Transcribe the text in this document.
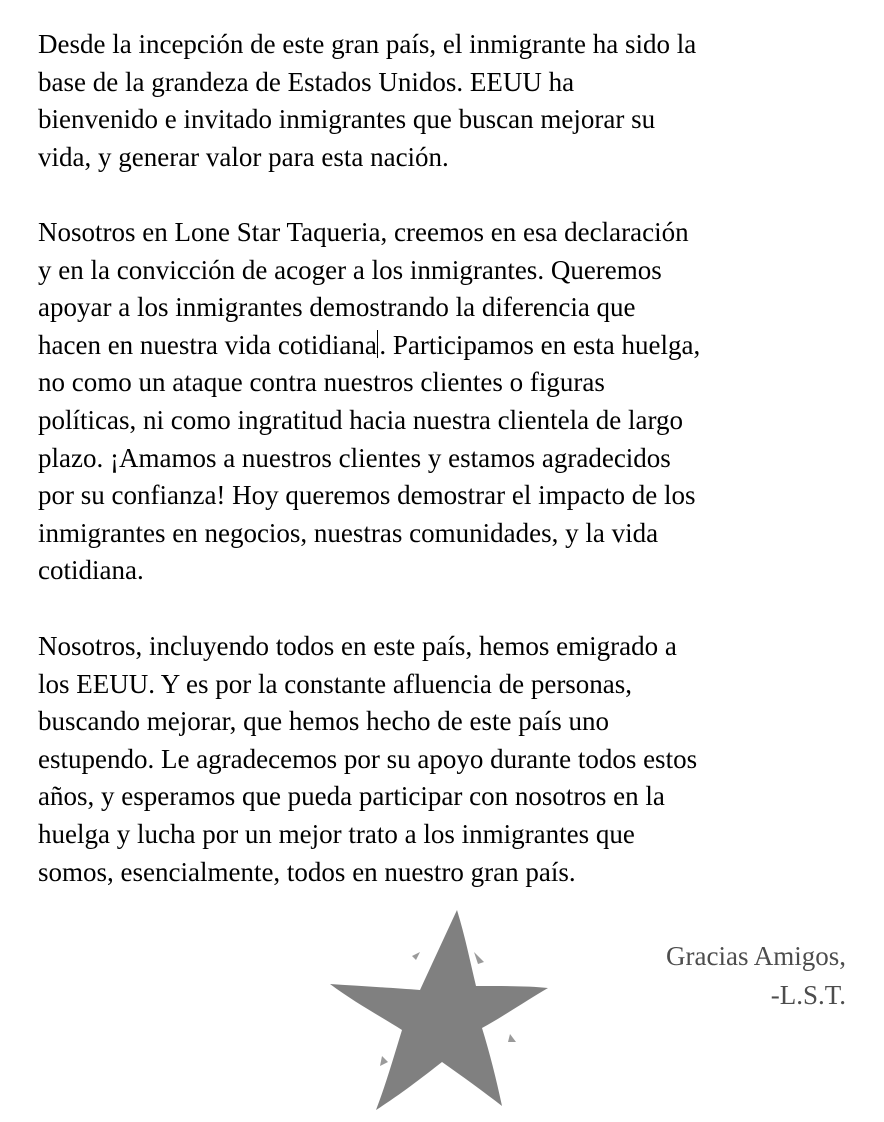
Desde la incepción de este gran país, el inmigrante ha sido la
base de la grandeza de Estados Unidos. EEUU ha
bienvenido e invitado inmigrantes que buscan mejorar su
vida, y generar valor para esta nación.
Nosotros en Lone Star Taqueria, creemos en esa declaración
y en la convicción de acoger a los inmigrantes. Queremos
apoyar a los inmigrantes demostrando la diferencia que
hacen en nuestra vida cotidiana. Participamos en esta huelga,
no como un ataque contra nuestros clientes o figuras
políticas, ni como ingratitud hacia nuestra clientela de largo
plazo. ¡Amamos a nuestros clientes y estamos agradecidos
por su confianza! Hoy queremos demostrar el impacto de los
inmigrantes en negocios, nuestras comunidades, y la vida
cotidiana.
Nosotros, incluyendo todos en este país, hemos emigrado a
los EEUU. Y es por la constante afluencia de personas,
buscando mejorar, que hemos hecho de este país uno
estupendo. Le agradecemos por su apoyo durante todos estos
años, y esperamos que pueda participar con nosotros en la
huelga y lucha por un mejor trato a los inmigrantes que
somos, esencialmente, todos en nuestro gran país.
Gracias Amigos,
-L.S.T.
